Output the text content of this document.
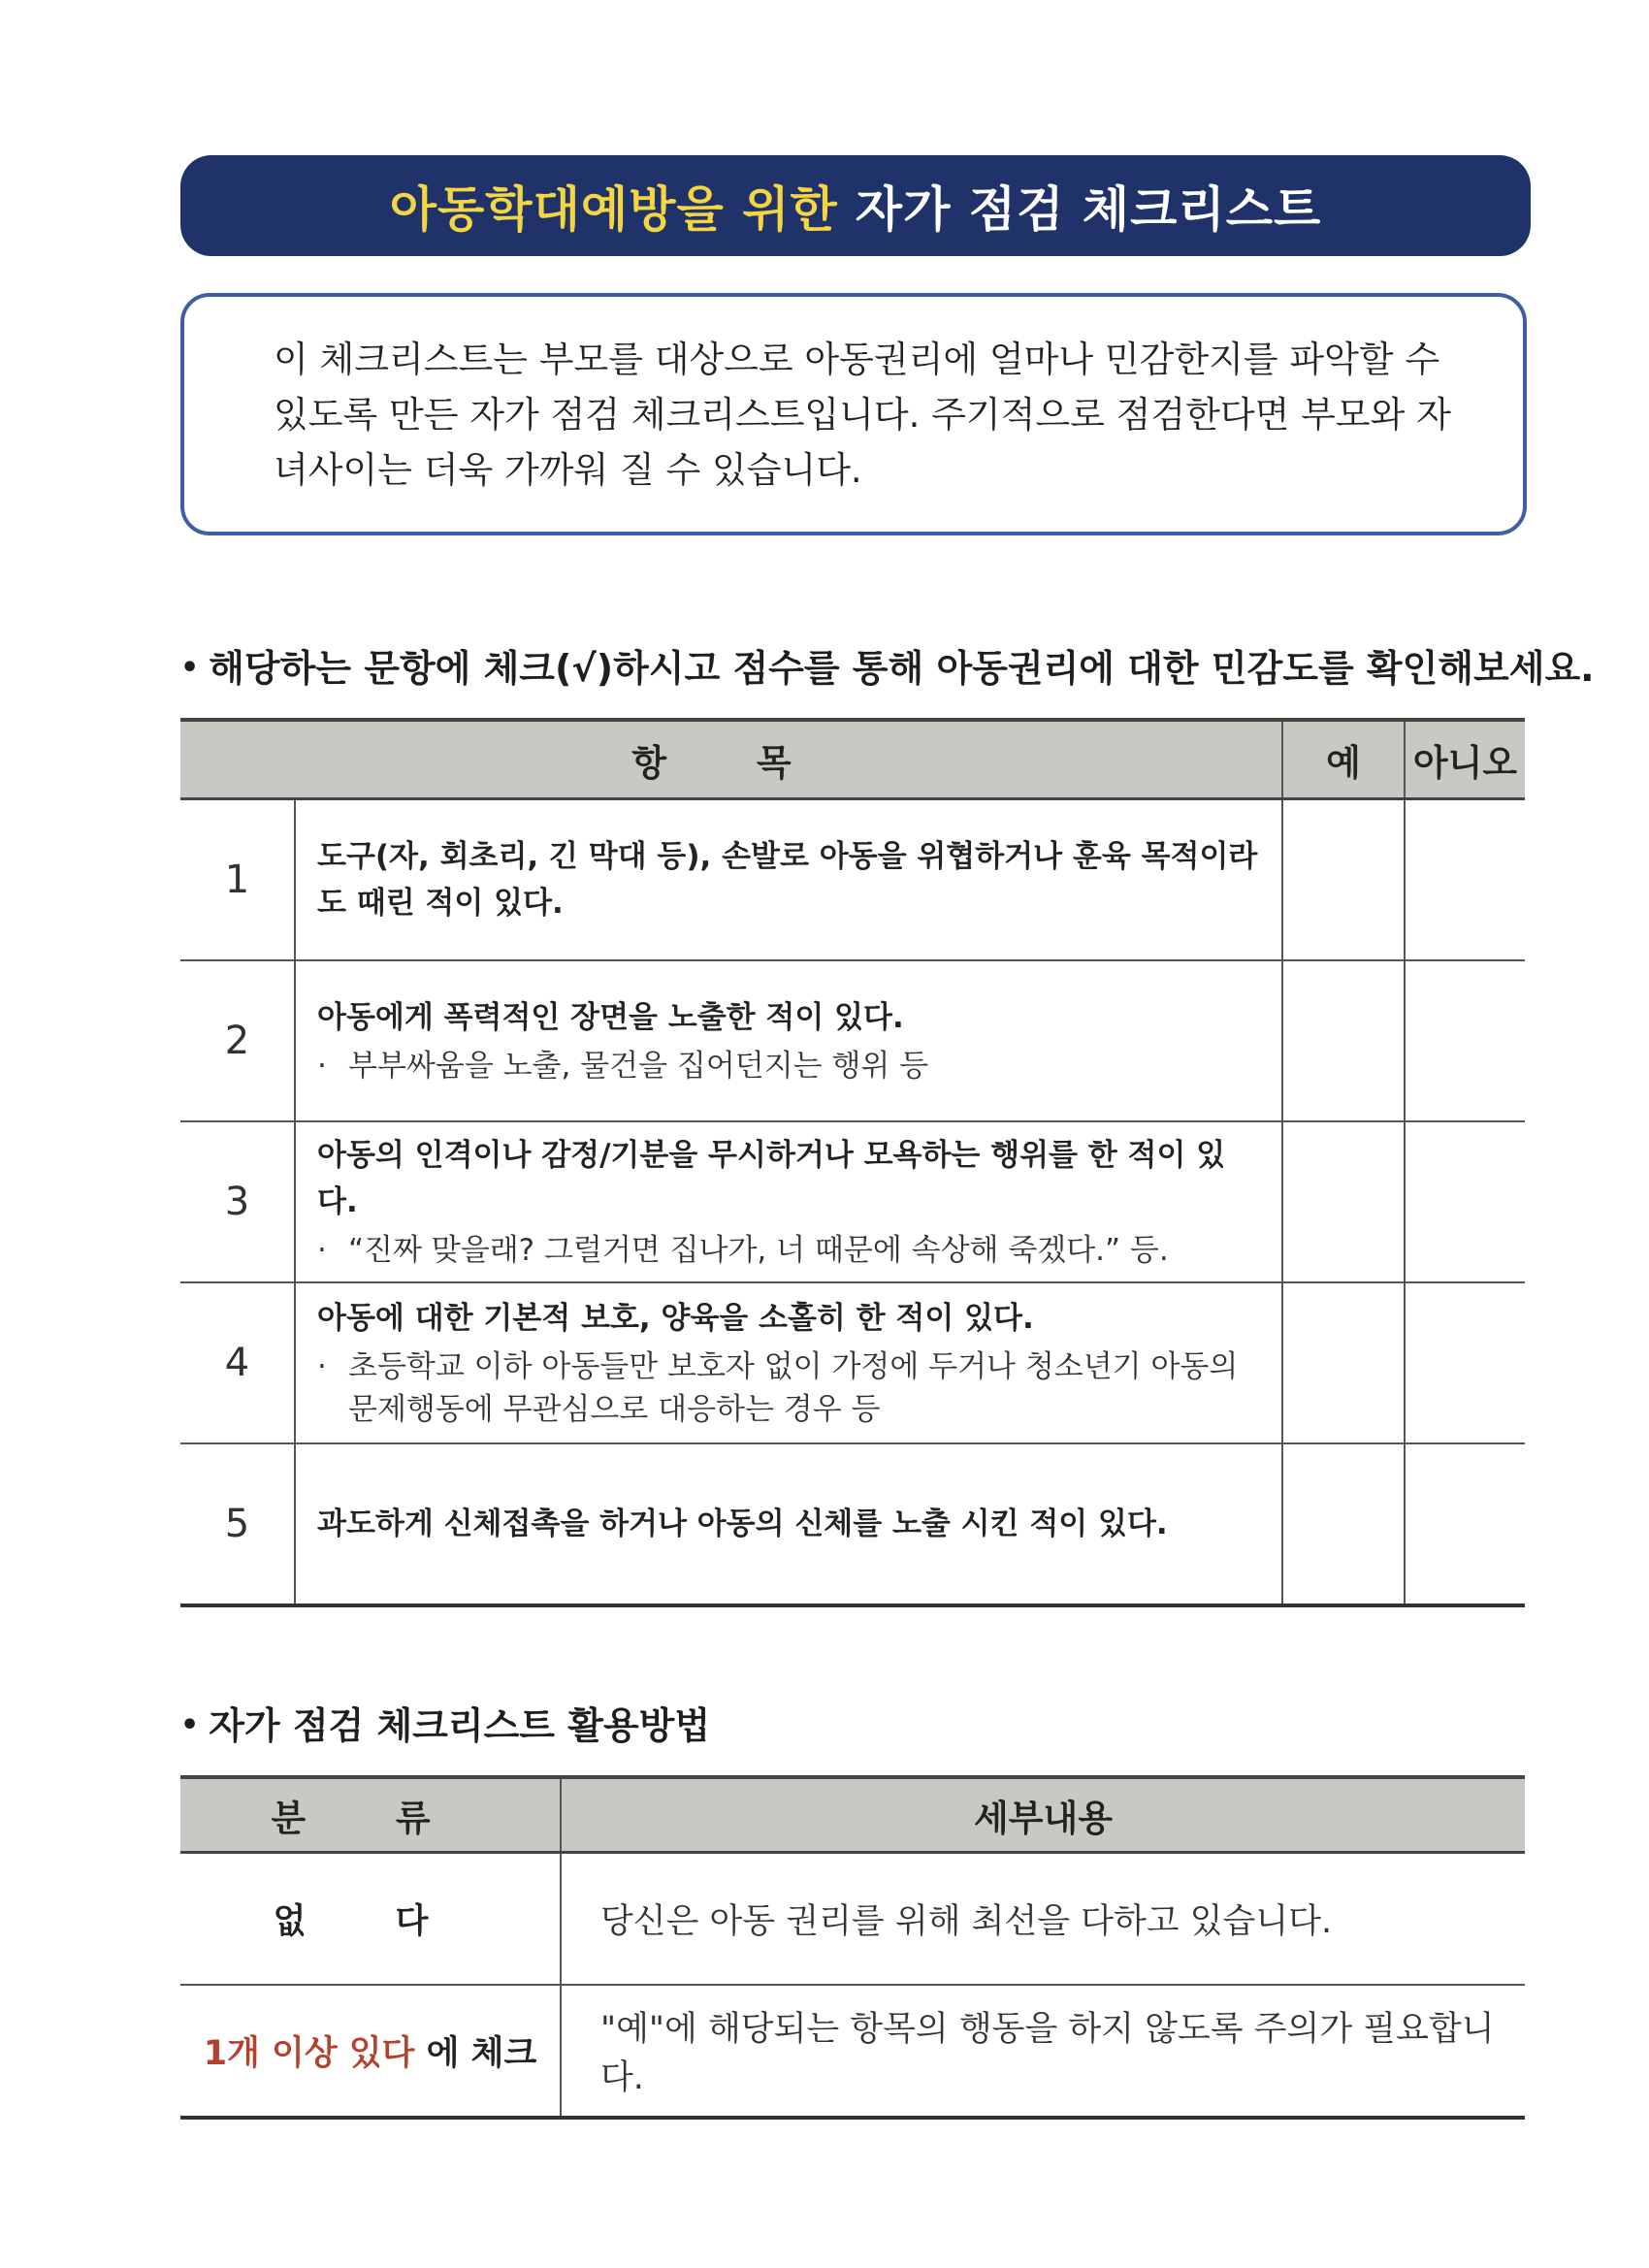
아동학대예방을 위한 자가 점검 체크리스트
이 체크리스트는 부모를 대상으로 아동권리에 얼마나 민감한지를 파악할 수 있도록 만든 자가 점검 체크리스트입니다. 주기적으로 점검한다면 부모와 자녀사이는 더욱 가까워 질 수 있습니다.
• 해당하는 문항에 체크(√)하시고 점수를 통해 아동권리에 대한 민감도를 확인해보세요.
항 목		예	아니오
1	도구(자, 회초리, 긴 막대 등), 손발로 아동을 위협하거나 훈육 목적이라도 때린 적이 있다.		

2	아동에게 폭력적인 장면을 노출한 적이 있다.
· 부부싸움을 노출, 물건을 집어던지는 행위 등		

3	아동의 인격이나 감정/기분을 무시하거나 모욕하는 행위를 한 적이 있다.
· “진짜 맞을래? 그럴거면 집나가, 너 때문에 속상해 죽겠다.” 등.		

4	아동에 대한 기본적 보호, 양육을 소홀히 한 적이 있다.
· 초등학교 이하 아동들만 보호자 없이 가정에 두거나 청소년기 아동의 문제행동에 무관심으로 대응하는 경우 등		

5	과도하게 신체접촉을 하거나 아동의 신체를 노출 시킨 적이 있다.		

• 자가 점검 체크리스트 활용방법
분 류	세부내용
없 다	당신은 아동 권리를 위해 최선을 다하고 있습니다.
1개 이상 있다 에 체크	"예"에 해당되는 항목의 행동을 하지 않도록 주의가 필요합니다.
